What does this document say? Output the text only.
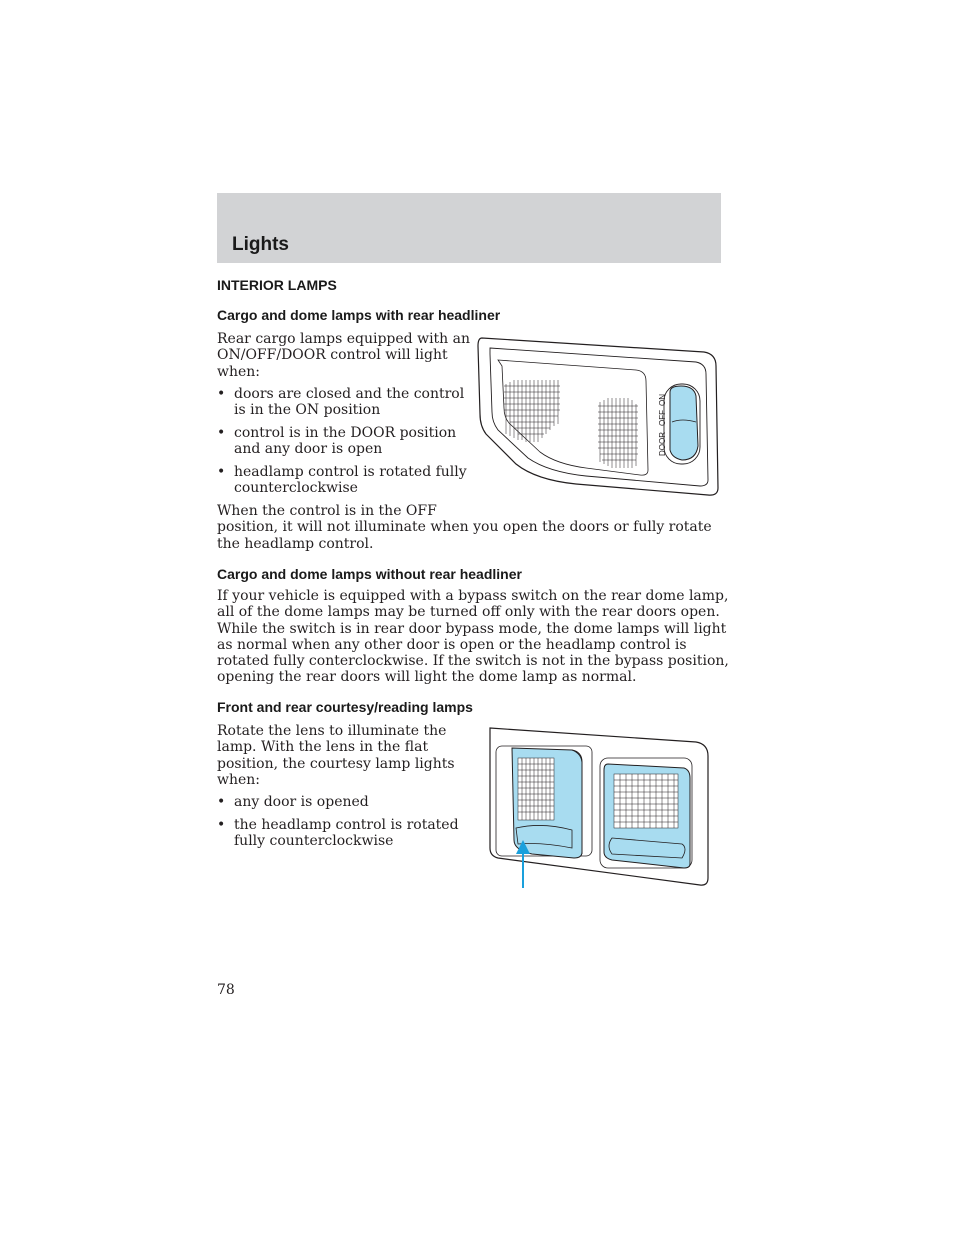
Lights
INTERIOR LAMPS
Cargo and dome lamps with rear headliner
Rear cargo lamps equipped with an
ON/OFF/DOOR control will light
when:
• doors are closed and the control
is in the ON position
• control is in the DOOR position
and any door is open
• headlamp control is rotated fully
counterclockwise
When the control is in the OFF
position, it will not illuminate when you open the doors or fully rotate
the headlamp control.
DOOR
OFF
ON
Cargo and dome lamps without rear headliner
If your vehicle is equipped with a bypass switch on the rear dome lamp,
all of the dome lamps may be turned off only with the rear doors open.
While the switch is in rear door bypass mode, the dome lamps will light
as normal when any other door is open or the headlamp control is
rotated fully conterclockwise. If the switch is not in the bypass position,
opening the rear doors will light the dome lamp as normal.
Front and rear courtesy/reading lamps
Rotate the lens to illuminate the
lamp. With the lens in the flat
position, the courtesy lamp lights
when:
• any door is opened
• the headlamp control is rotated
fully counterclockwise
78
